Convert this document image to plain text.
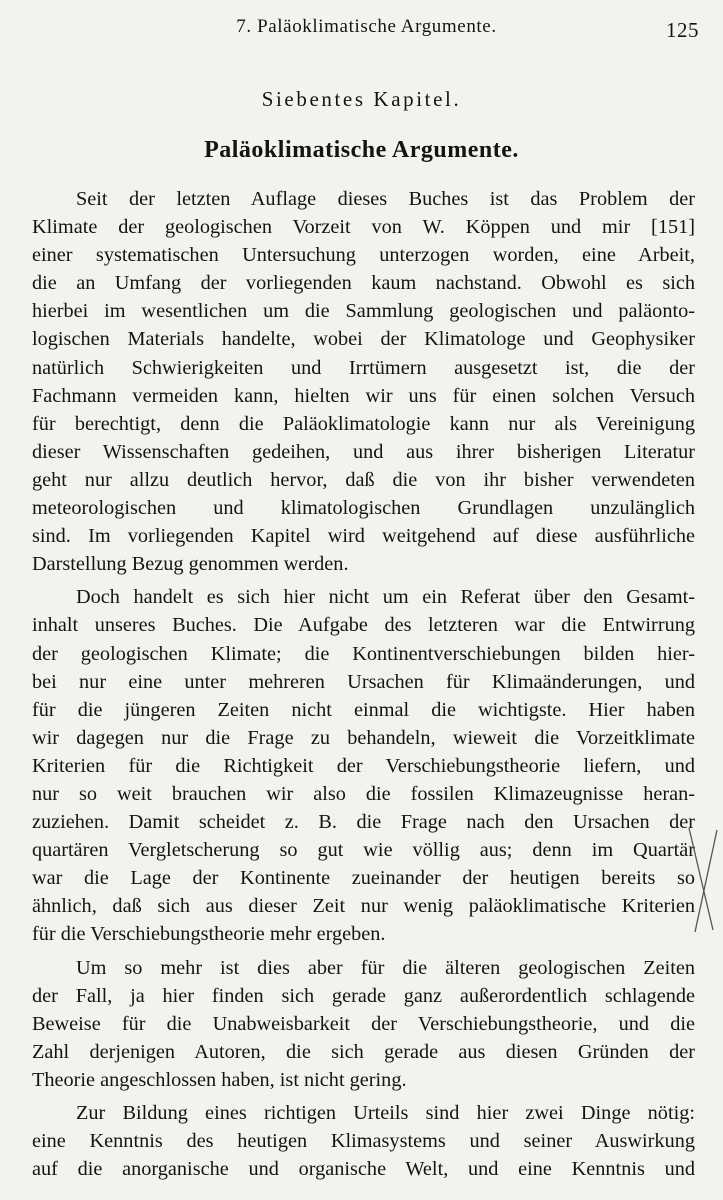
7. Paläoklimatische Argumente.	125
Siebentes Kapitel.
Paläoklimatische Argumente.
Seit der letzten Auflage dieses Buches ist das Problem der
Klimate der geologischen Vorzeit von W. Köppen und mir [151]
einer systematischen Untersuchung unterzogen worden, eine Arbeit,
die an Umfang der vorliegenden kaum nachstand. Obwohl es sich
hierbei im wesentlichen um die Sammlung geologischen und paläonto-
logischen Materials handelte, wobei der Klimatologe und Geophysiker
natürlich Schwierigkeiten und Irrtümern ausgesetzt ist, die der
Fachmann vermeiden kann, hielten wir uns für einen solchen Versuch
für berechtigt, denn die Paläoklimatologie kann nur als Vereinigung
dieser Wissenschaften gedeihen, und aus ihrer bisherigen Literatur
geht nur allzu deutlich hervor, daß die von ihr bisher verwendeten
meteorologischen und klimatologischen Grundlagen unzulänglich
sind. Im vorliegenden Kapitel wird weitgehend auf diese ausführliche
Darstellung Bezug genommen werden.
Doch handelt es sich hier nicht um ein Referat über den Gesamt-
inhalt unseres Buches. Die Aufgabe des letzteren war die Entwirrung
der geologischen Klimate; die Kontinentverschiebungen bilden hier-
bei nur eine unter mehreren Ursachen für Klimaänderungen, und
für die jüngeren Zeiten nicht einmal die wichtigste. Hier haben
wir dagegen nur die Frage zu behandeln, wieweit die Vorzeitklimate
Kriterien für die Richtigkeit der Verschiebungstheorie liefern, und
nur so weit brauchen wir also die fossilen Klimazeugnisse heran-
zuziehen. Damit scheidet z. B. die Frage nach den Ursachen der
quartären Vergletscherung so gut wie völlig aus; denn im Quartär
war die Lage der Kontinente zueinander der heutigen bereits so
ähnlich, daß sich aus dieser Zeit nur wenig paläoklimatische Kriterien
für die Verschiebungstheorie mehr ergeben.
Um so mehr ist dies aber für die älteren geologischen Zeiten
der Fall, ja hier finden sich gerade ganz außerordentlich schlagende
Beweise für die Unabweisbarkeit der Verschiebungstheorie, und die
Zahl derjenigen Autoren, die sich gerade aus diesen Gründen der
Theorie angeschlossen haben, ist nicht gering.
Zur Bildung eines richtigen Urteils sind hier zwei Dinge nötig:
eine Kenntnis des heutigen Klimasystems und seiner Auswirkung
auf die anorganische und organische Welt, und eine Kenntnis und
